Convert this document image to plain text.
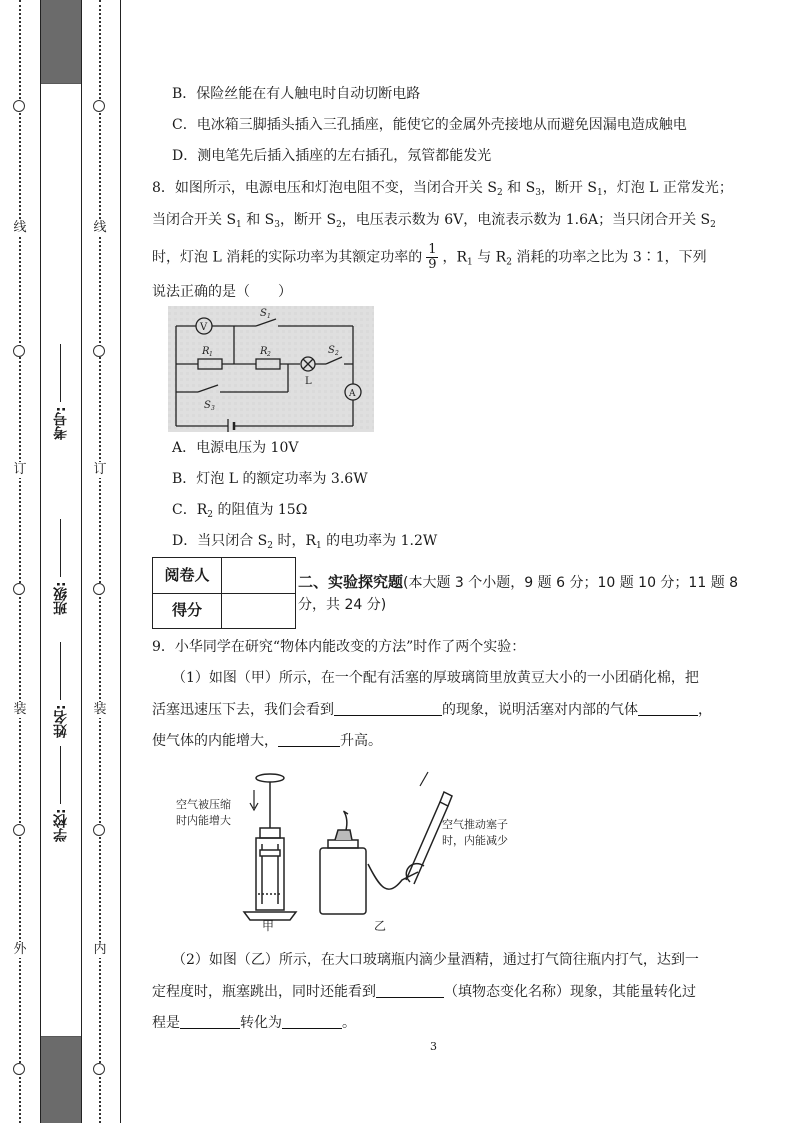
线
订
装
外
考号:
班级:
姓名:
学校:
线
订
装
内
B．保险丝能在有人触电时自动切断电路
C．电冰箱三脚插头插入三孔插座，能使它的金属外壳接地从而避免因漏电造成触电
D．测电笔先后插入插座的左右插孔，氖管都能发光
8．如图所示，电源电压和灯泡电阻不变，当闭合开关 $S_2$ 和 $S_3$，断开 $S_1$，灯泡 L 正常发光；
当闭合开关 $S_1$ 和 $S_3$，断开 $S_2$，电压表示数为 6V，电流表示数为 1.6A；当只闭合开关 $S_2$
时，灯泡 L 消耗的实际功率为其额定功率的 $\frac{1}{9}$ ，$R_1$ 与 $R_2$ 消耗的功率之比为 3∶1，下列
说法正确的是（　　）
V
S 1
R 1	R 2
L
S 2
A
S 3
A．电源电压为 10V
B．灯泡 L 的额定功率为 3.6W
C．$R_2$ 的阻值为 15Ω
D．当只闭合 $S_2$ 时，$R_1$ 的电功率为 1.2W
阅卷人
得分
二、实验探究题(本大题 3 个小题，9 题 6 分；10 题 10 分；11 题 8
分，共 24 分)
9．小华同学在研究“物体内能改变的方法”时作了两个实验：
（1）如图（甲）所示，在一个配有活塞的厚玻璃筒里放黄豆大小的一小团硝化棉，把
活塞迅速压下去，我们会看到	的现象，说明活塞对内部的气体	，
使气体的内能增大，	升高。
空气被压缩
时内能增大	空气推动塞子
时，内能减少
甲	乙
（2）如图（乙）所示，在大口玻璃瓶内滴少量酒精，通过打气筒往瓶内打气，达到一
定程度时，瓶塞跳出，同时还能看到	（填物态变化名称）现象，其能量转化过
程是	转化为	。
3
